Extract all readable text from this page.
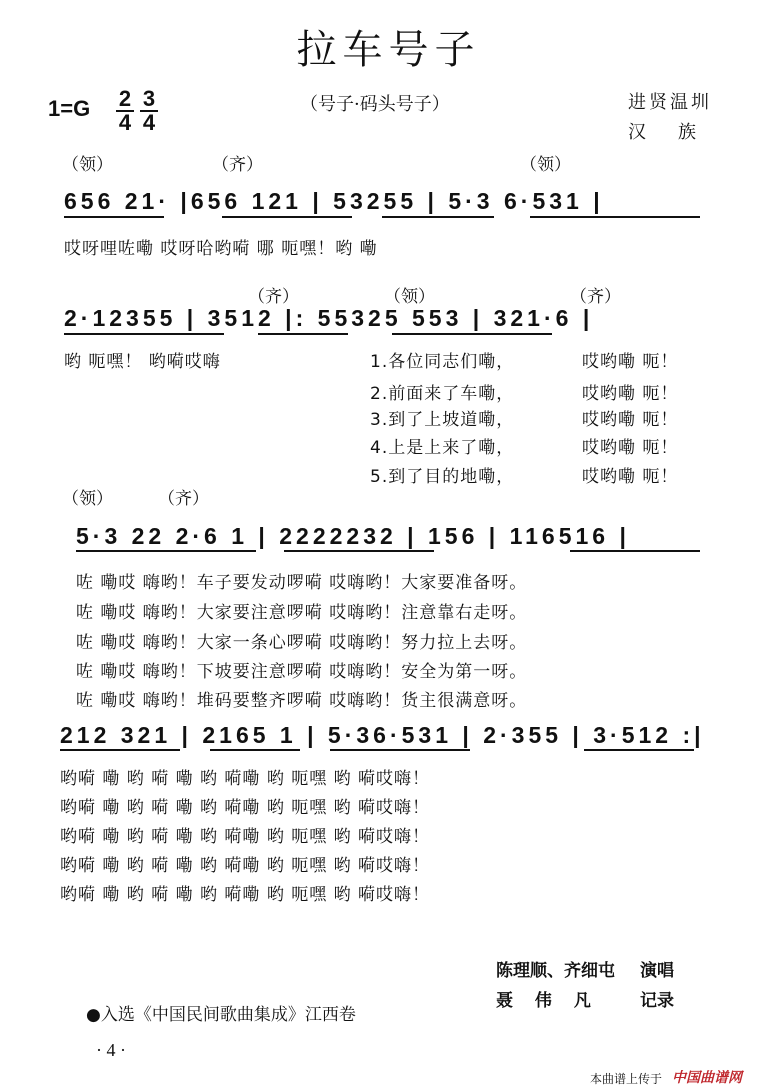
拉车号子
（号子·码头号子）	进贤温圳
汉族
1=G 2
4
3
4
（领）	（齐）	（领）
656 21· |656 121 | 53255 | 5·3 6·531 |
哎呀哩咗嘞 哎呀哈哟嗬 哪 呃嘿！哟 嘞
（齐）	（领）	（齐）
2·12355 | 3512 |: 55325 553 | 321·6 |
哟 呃嘿！ 哟嗬哎嗨	1.各位同志们嘞，	哎哟嘞 呃！
2.前面来了车嘞，	哎哟嘞 呃！
3.到了上坡道嘞，	哎哟嘞 呃！
4.上是上来了嘞，	哎哟嘞 呃！
5.到了目的地嘞，	哎哟嘞 呃！
（领）	（齐）
5·3 22 2·6 1 | 2222232 | 156 | 116516 |
咗 嘞哎 嗨哟！车子要发动啰嗬 哎嗨哟！大家要准备呀。
咗 嘞哎 嗨哟！大家要注意啰嗬 哎嗨哟！注意靠右走呀。
咗 嘞哎 嗨哟！大家一条心啰嗬 哎嗨哟！努力拉上去呀。
咗 嘞哎 嗨哟！下坡要注意啰嗬 哎嗨哟！安全为第一呀。
咗 嘞哎 嗨哟！堆码要整齐啰嗬 哎嗨哟！货主很满意呀。
212 321 | 2165 1 | 5·36·531 | 2·355 | 3·512 :|
哟嗬 嘞 哟 嗬 嘞 哟 嗬嘞 哟 呃嘿 哟 嗬哎嗨！
哟嗬 嘞 哟 嗬 嘞 哟 嗬嘞 哟 呃嘿 哟 嗬哎嗨！
哟嗬 嘞 哟 嗬 嘞 哟 嗬嘞 哟 呃嘿 哟 嗬哎嗨！
哟嗬 嘞 哟 嗬 嘞 哟 嗬嘞 哟 呃嘿 哟 嗬哎嗨！
哟嗬 嘞 哟 嗬 嘞 哟 嗬嘞 哟 呃嘿 哟 嗬哎嗨！
陈理顺、齐细屯 演唱
聂 伟 凡 记录
●入选《中国民间歌曲集成》江西卷
· 4 ·
本曲谱上传于 中国曲谱网
